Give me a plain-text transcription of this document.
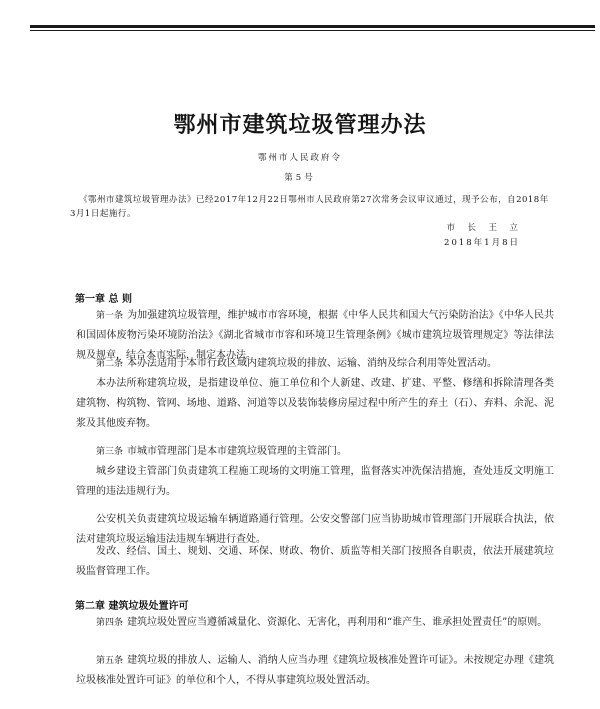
鄂州市建筑垃圾管理办法
鄂州市人民政府令
第5号

《鄂州市建筑垃圾管理办法》已经2017年12月22日鄂州市人民政府第27次常务会议审议通过，现予公布，自2018年3月1日起施行。

市　长　王　立
2018年1月8日
第一章 总 则

第一条 为加强建筑垃圾管理，维护城市市容环境，根据《中华人民共和国大气污染防治法》《中华人民共和国固体废物污染环境防治法》《湖北省城市市容和环境卫生管理条例》《城市建筑垃圾管理规定》等法律法规及规章，结合本市实际，制定本办法。

第二条 本办法适用于本市行政区域内建筑垃圾的排放、运输、消纳及综合利用等处置活动。

本办法所称建筑垃圾，是指建设单位、施工单位和个人新建、改建、扩建、平整、修缮和拆除清理各类建筑物、构筑物、管网、场地、道路、河道等以及装饰装修房屋过程中所产生的弃土（石）、弃料、余泥、泥浆及其他废弃物。

第三条 市城市管理部门是本市建筑垃圾管理的主管部门。

城乡建设主管部门负责建筑工程施工现场的文明施工管理，监督落实冲洗保洁措施，查处违反文明施工管理的违法违规行为。

公安机关负责建筑垃圾运输车辆道路通行管理。公安交警部门应当协助城市管理部门开展联合执法，依法对建筑垃圾运输违法违规车辆进行查处。

发改、经信、国土、规划、交通、环保、财政、物价、质监等相关部门按照各自职责，依法开展建筑垃圾监督管理工作。

第二章 建筑垃圾处置许可

第四条 建筑垃圾处置应当遵循减量化、资源化、无害化，再利用和“谁产生、谁承担处置责任”的原则。

第五条 建筑垃圾的排放人、运输人、消纳人应当办理《建筑垃圾核准处置许可证》。未按规定办理《建筑垃圾核准处置许可证》的单位和个人，不得从事建筑垃圾处置活动。
